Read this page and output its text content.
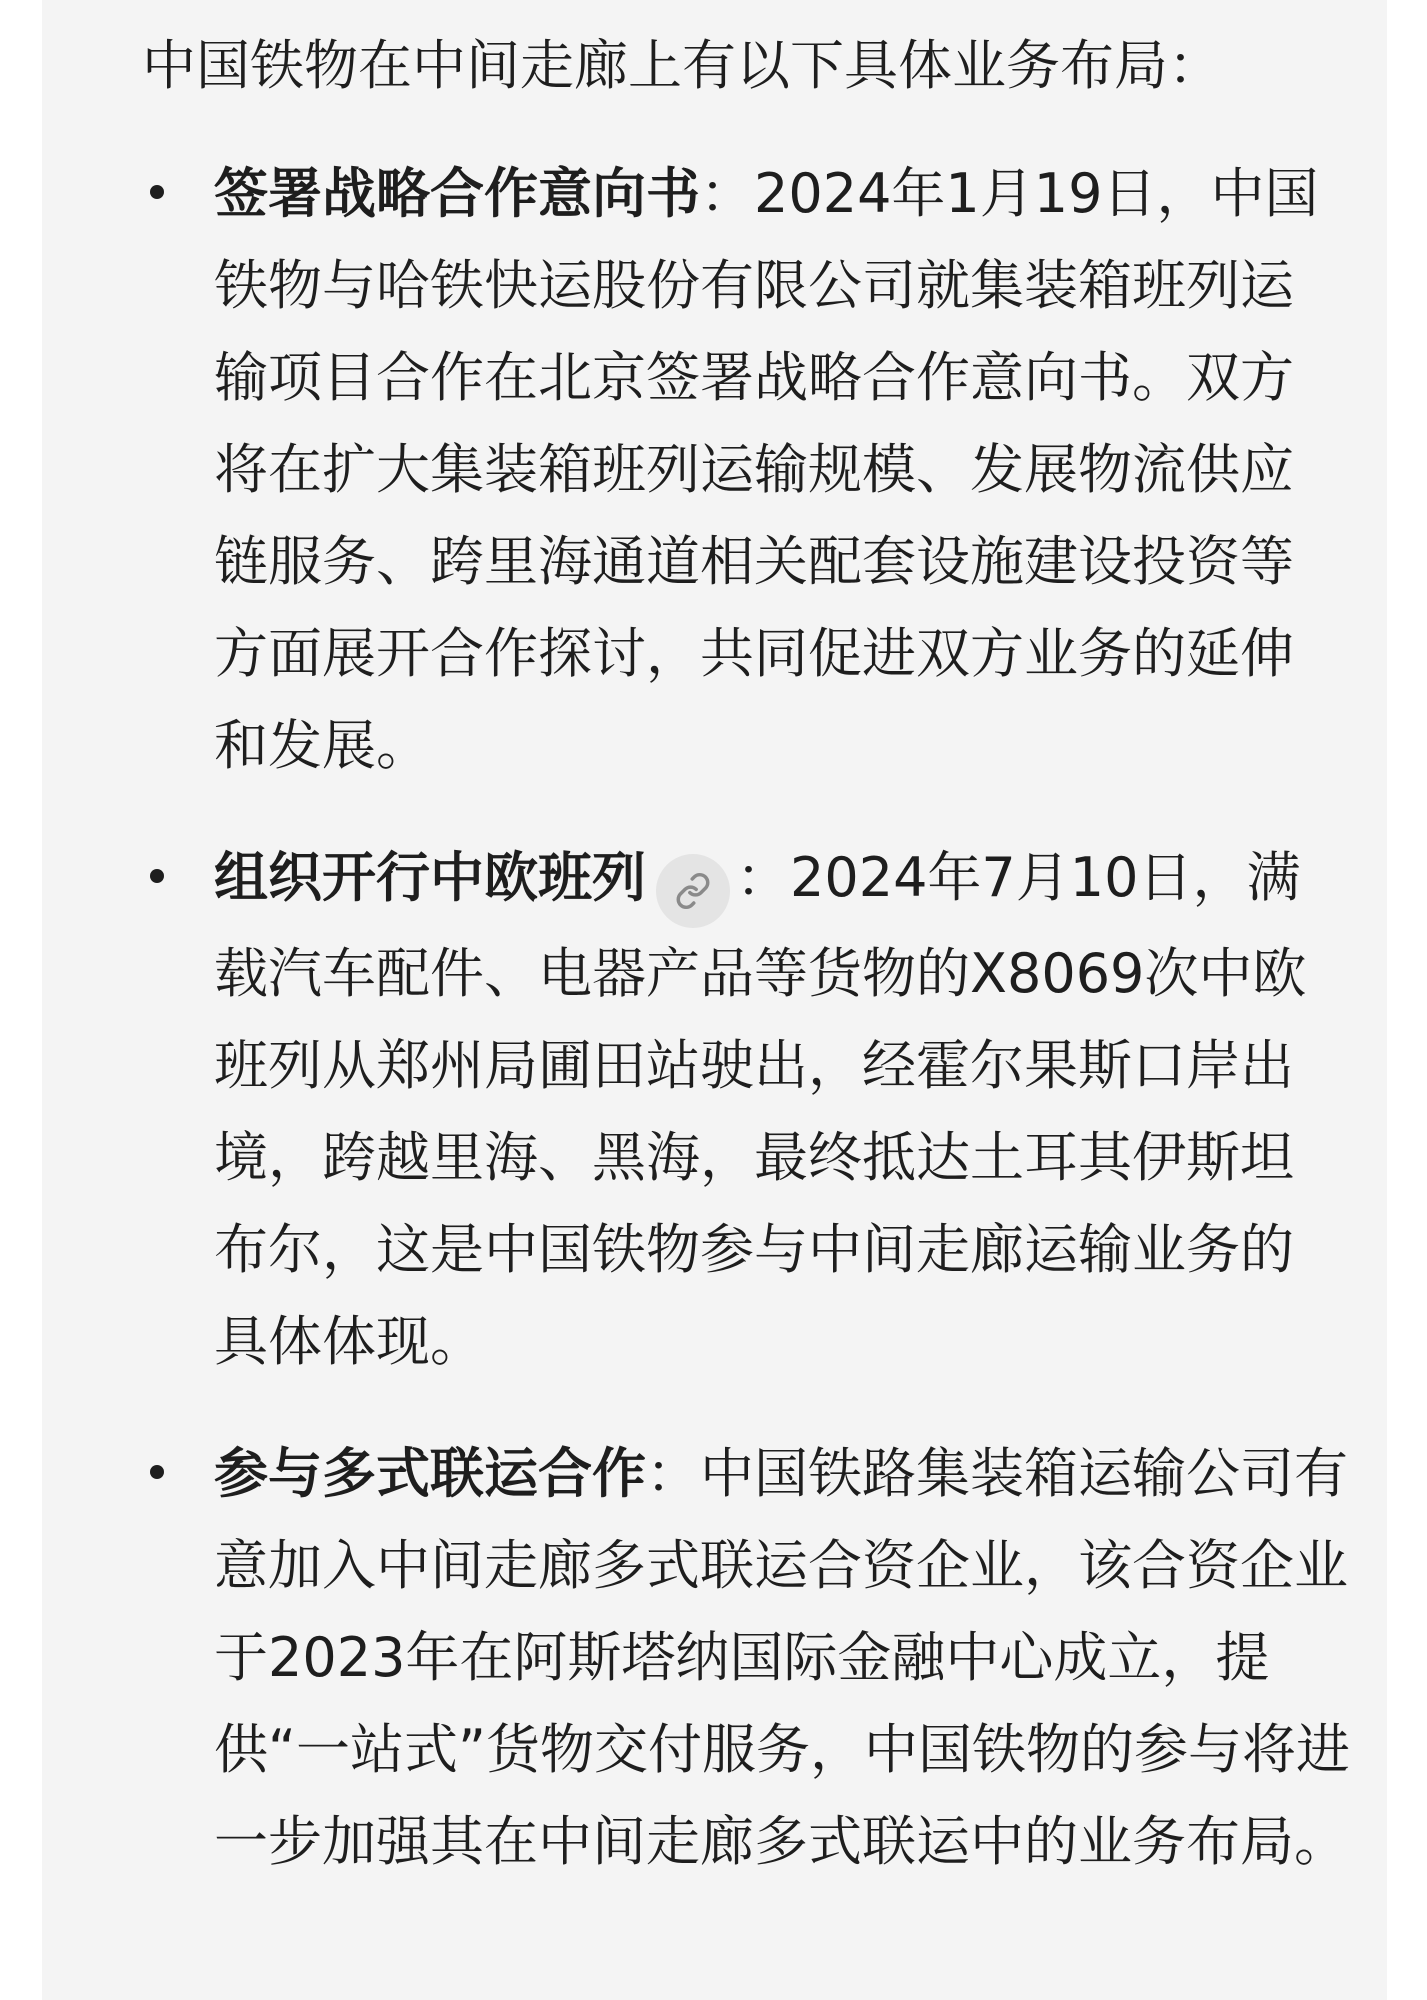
中国铁物在中间走廊上有以下具体业务布局：
签署战略合作意向书：2024年1月19日，中国铁物与哈铁快运股份有限公司就集装箱班列运输项目合作在北京签署战略合作意向书。双方将在扩大集装箱班列运输规模、发展物流供应链服务、跨里海通道相关配套设施建设投资等方面展开合作探讨，共同促进双方业务的延伸和发展。
组织开行中欧班列 ：2024年7月10日，满载汽车配件、电器产品等货物的X8069次中欧班列从郑州局圃田站驶出，经霍尔果斯口岸出境，跨越里海、黑海，最终抵达土耳其伊斯坦布尔，这是中国铁物参与中间走廊运输业务的具体体现。
参与多式联运合作：中国铁路集装箱运输公司有意加入中间走廊多式联运合资企业，该合资企业于2023年在阿斯塔纳国际金融中心成立，提供“一站式”货物交付服务，中国铁物的参与将进一步加强其在中间走廊多式联运中的业务布局。
